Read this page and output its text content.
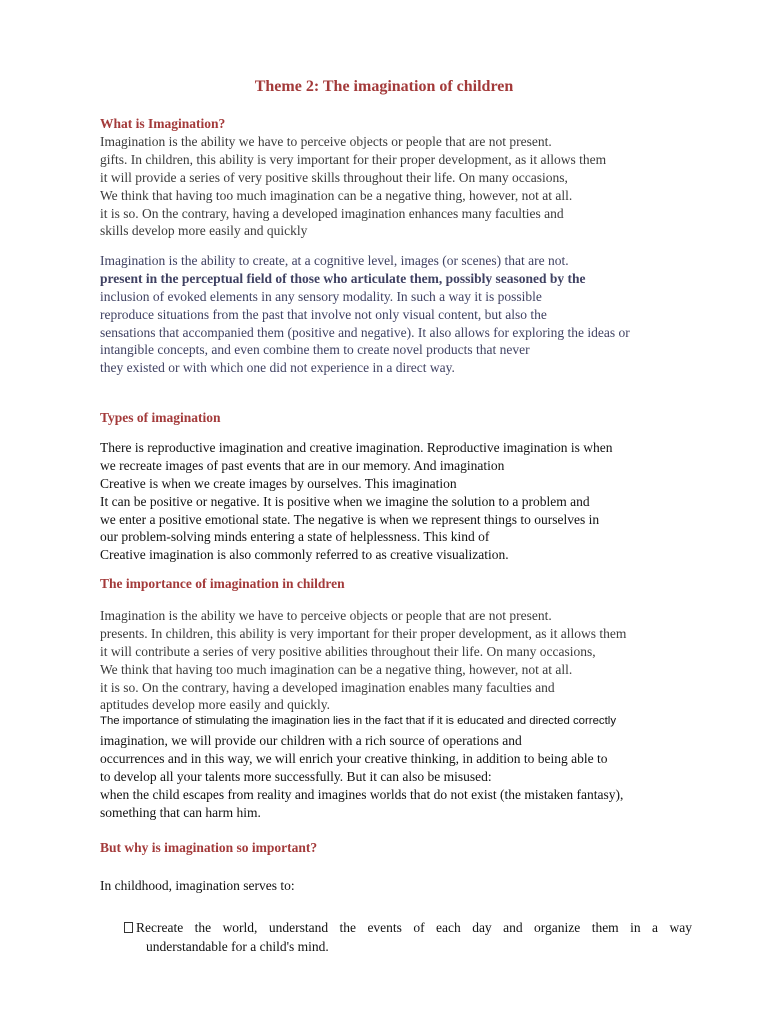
Theme 2: The imagination of children
What is Imagination?
Imagination is the ability we have to perceive objects or people that are not present.
gifts. In children, this ability is very important for their proper development, as it allows them
it will provide a series of very positive skills throughout their life. On many occasions,
We think that having too much imagination can be a negative thing, however, not at all.
it is so. On the contrary, having a developed imagination enhances many faculties and
skills develop more easily and quickly
Imagination is the ability to create, at a cognitive level, images (or scenes) that are not.
present in the perceptual field of those who articulate them, possibly seasoned by the
inclusion of evoked elements in any sensory modality. In such a way it is possible
reproduce situations from the past that involve not only visual content, but also the
sensations that accompanied them (positive and negative). It also allows for exploring the ideas or
intangible concepts, and even combine them to create novel products that never
they existed or with which one did not experience in a direct way.
Types of imagination
There is reproductive imagination and creative imagination. Reproductive imagination is when
we recreate images of past events that are in our memory. And imagination
Creative is when we create images by ourselves. This imagination
It can be positive or negative. It is positive when we imagine the solution to a problem and
we enter a positive emotional state. The negative is when we represent things to ourselves in
our problem-solving minds entering a state of helplessness. This kind of
Creative imagination is also commonly referred to as creative visualization.
The importance of imagination in children
Imagination is the ability we have to perceive objects or people that are not present.
presents. In children, this ability is very important for their proper development, as it allows them
it will contribute a series of very positive abilities throughout their life. On many occasions,
We think that having too much imagination can be a negative thing, however, not at all.
it is so. On the contrary, having a developed imagination enables many faculties and
aptitudes develop more easily and quickly.
The importance of stimulating the imagination lies in the fact that if it is educated and directed correctly
imagination, we will provide our children with a rich source of operations and
occurrences and in this way, we will enrich your creative thinking, in addition to being able to
to develop all your talents more successfully. But it can also be misused:
when the child escapes from reality and imagines worlds that do not exist (the mistaken fantasy),
something that can harm him.
But why is imagination so important?
In childhood, imagination serves to:
Recreate the world, understand the events of each day and organize them in a way
understandable for a child's mind.
